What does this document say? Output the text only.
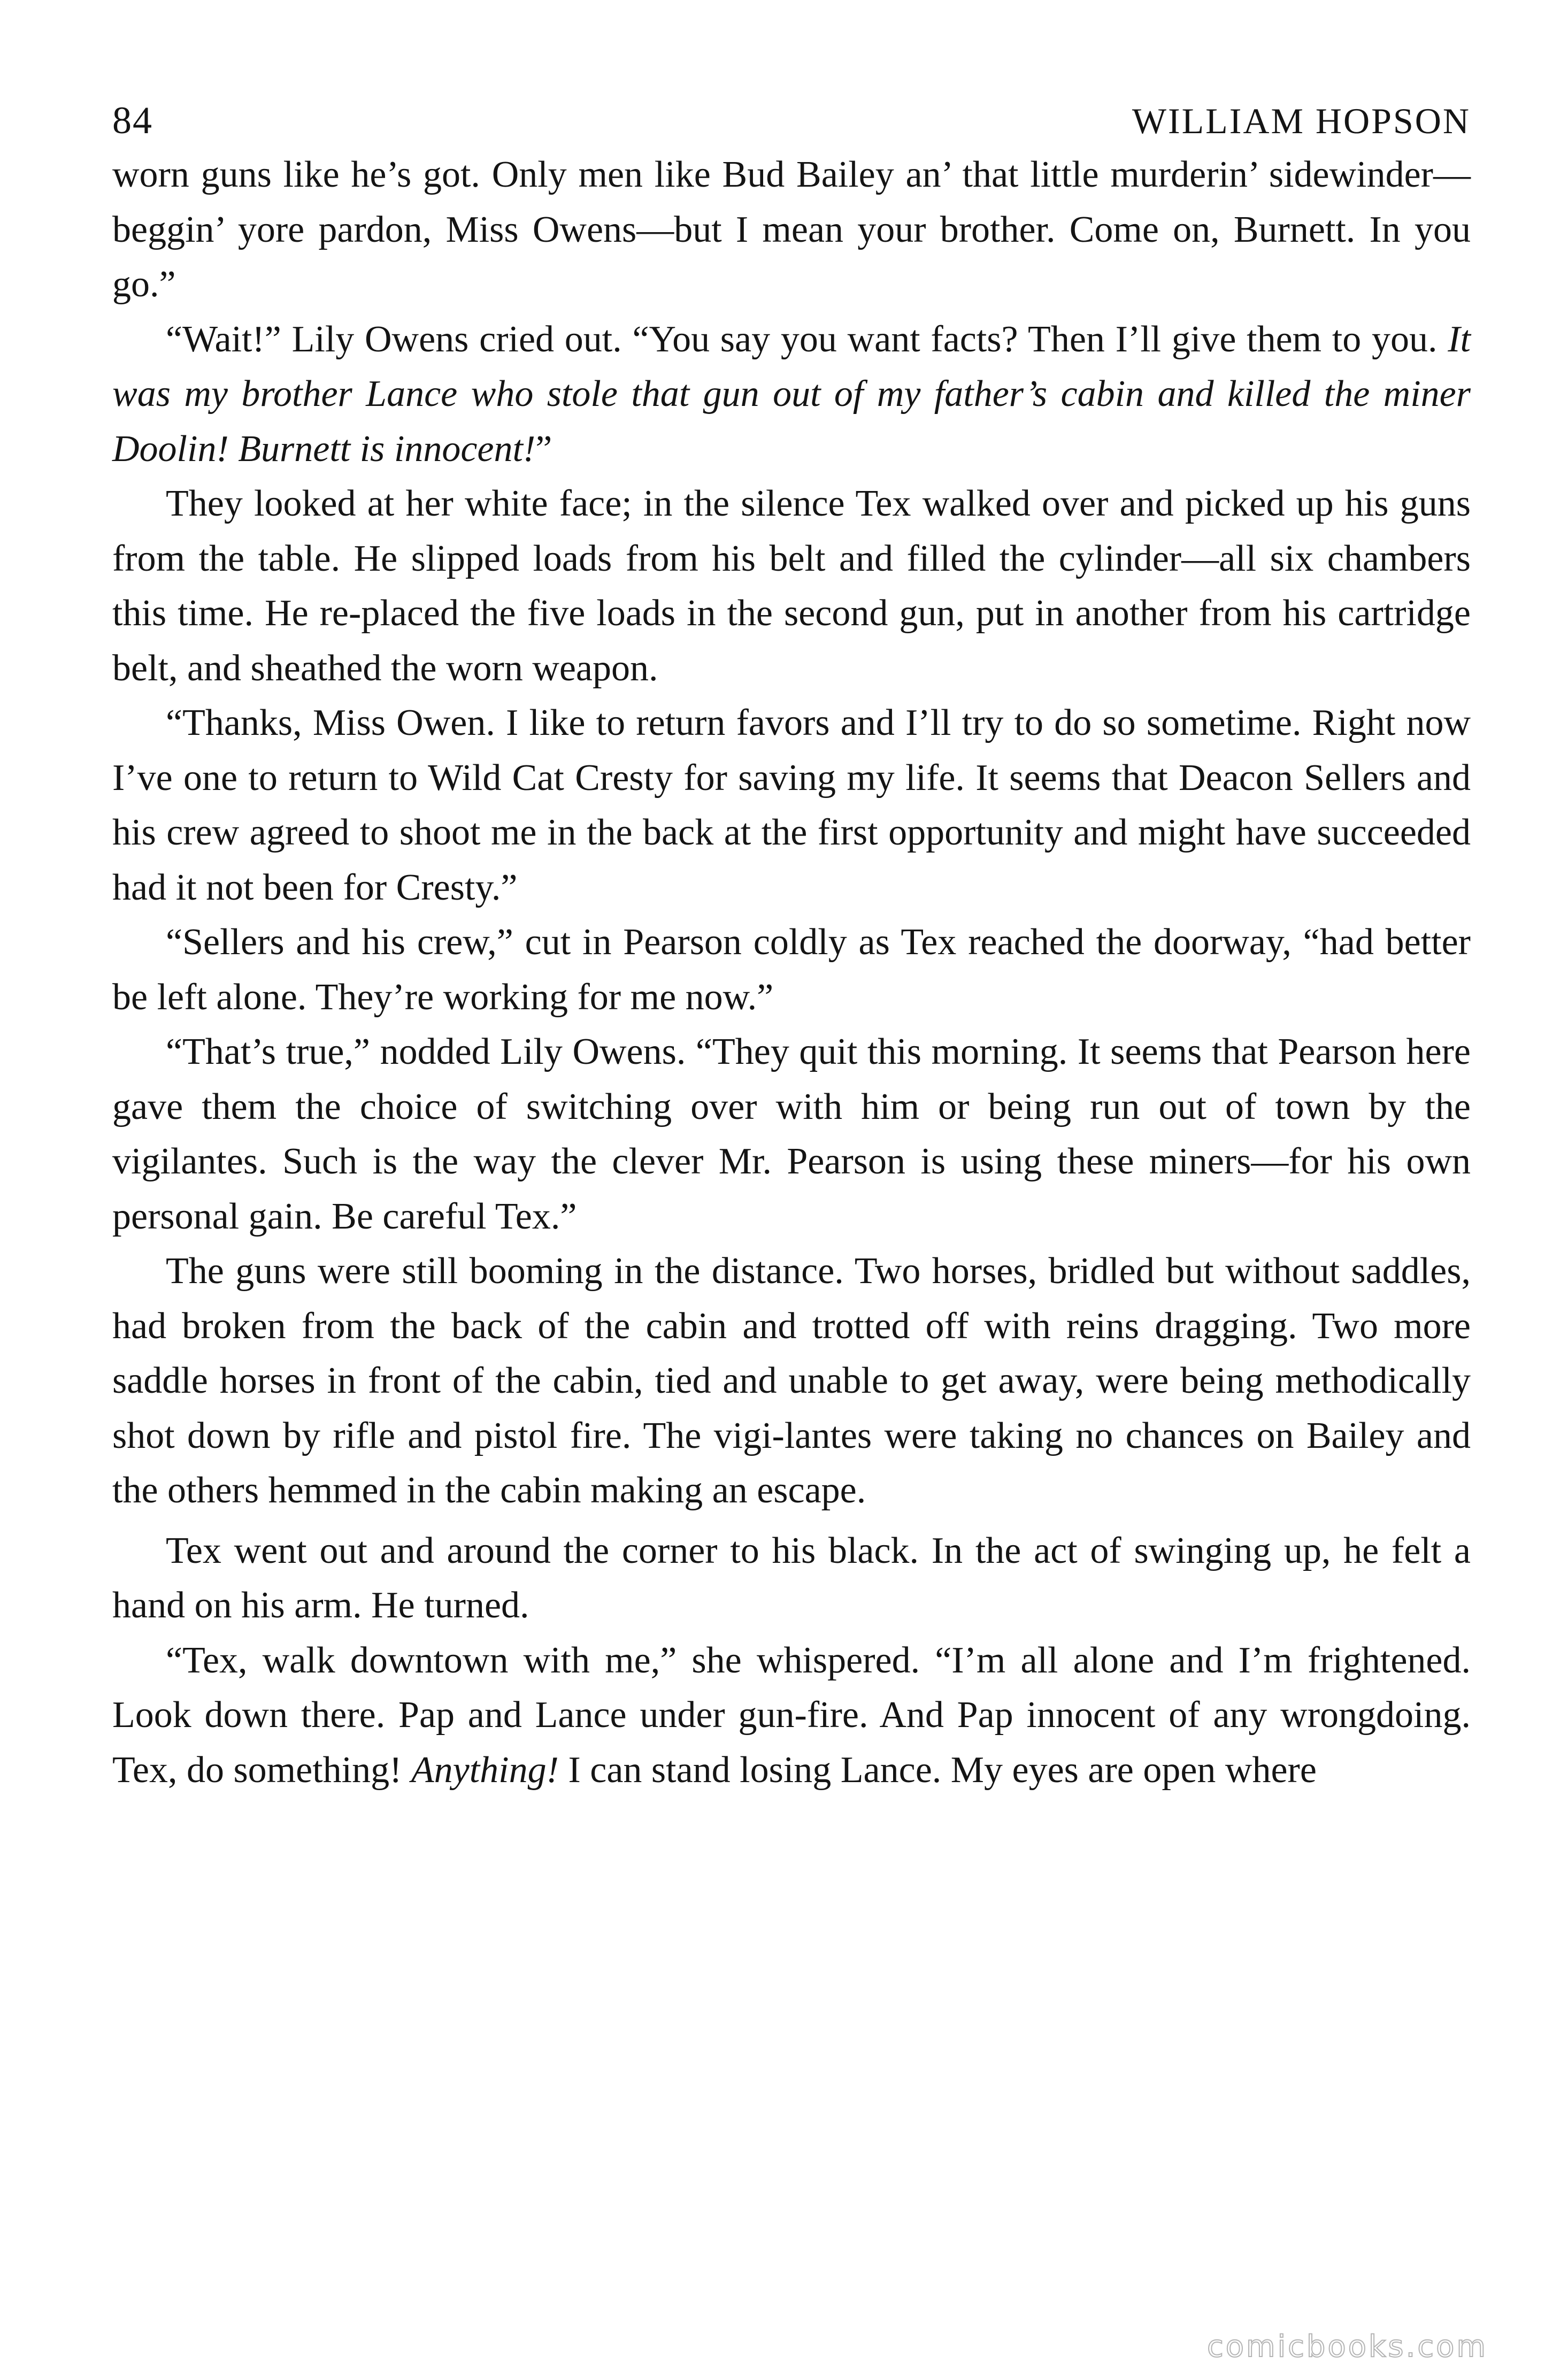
84	WILLIAM HOPSON

worn guns like he’s got. Only men like Bud Bailey an’ that little murderin’ sidewinder—beggin’ yore pardon, Miss Owens—but I mean your brother. Come on, Burnett. In you go.”

“Wait!” Lily Owens cried out. “You say you want facts? Then I’ll give them to you. It was my brother Lance who stole that gun out of my father’s cabin and killed the miner Doolin! Burnett is innocent!”

They looked at her white face; in the silence Tex walked over and picked up his guns from the table. He slipped loads from his belt and filled the cylinder—all six chambers this time. He re-placed the five loads in the second gun, put in another from his cartridge belt, and sheathed the worn weapon.

“Thanks, Miss Owen. I like to return favors and I’ll try to do so sometime. Right now I’ve one to return to Wild Cat Cresty for saving my life. It seems that Deacon Sellers and his crew agreed to shoot me in the back at the first opportunity and might have succeeded had it not been for Cresty.”

“Sellers and his crew,” cut in Pearson coldly as Tex reached the doorway, “had better be left alone. They’re working for me now.”

“That’s true,” nodded Lily Owens. “They quit this morning. It seems that Pearson here gave them the choice of switching over with him or being run out of town by the vigilantes. Such is the way the clever Mr. Pearson is using these miners—for his own personal gain. Be careful Tex.”

The guns were still booming in the distance. Two horses, bridled but without saddles, had broken from the back of the cabin and trotted off with reins dragging. Two more saddle horses in front of the cabin, tied and unable to get away, were being methodically shot down by rifle and pistol fire. The vigi-lantes were taking no chances on Bailey and the others hemmed in the cabin making an escape.

Tex went out and around the corner to his black. In the act of swinging up, he felt a hand on his arm. He turned.

“Tex, walk downtown with me,” she whispered. “I’m all alone and I’m frightened. Look down there. Pap and Lance under gun-fire. And Pap innocent of any wrongdoing. Tex, do something! Anything! I can stand losing Lance. My eyes are open where

comicbooks.com
